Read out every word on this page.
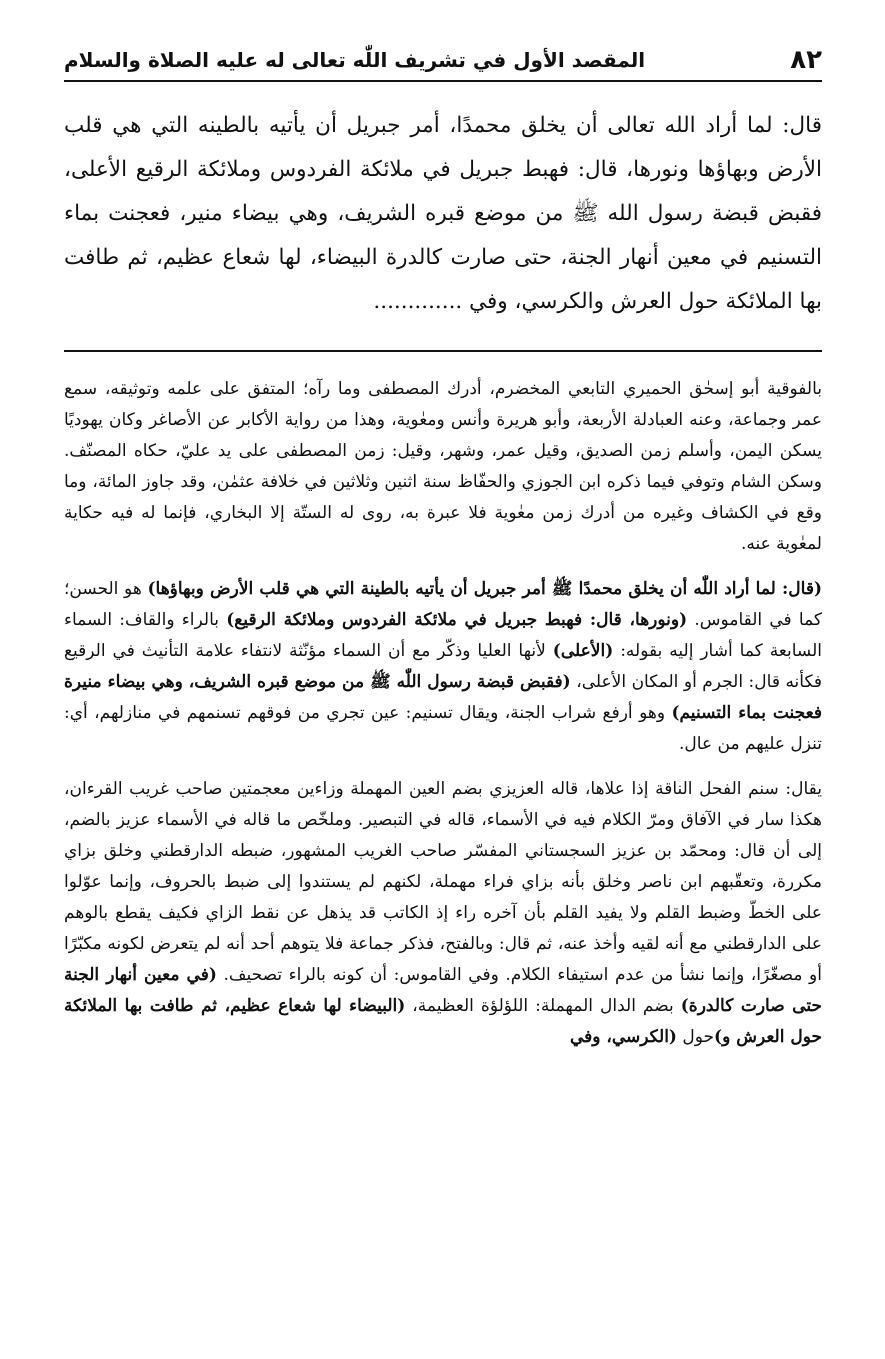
٨٢
المقصد الأول في تشريف اللّٰه تعالى له عليه الصلاة والسلام

قال: لما أراد الله تعالى أن يخلق محمدًا، أمر جبريل أن يأتيه بالطينه التي هي قلب الأرض وبهاؤها ونورها، قال: فهبط جبريل في ملائكة الفردوس وملائكة الرقيع الأعلى، فقبض قبضة رسول الله ﷺ من موضع قبره الشريف، وهي بيضاء منير، فعجنت بماء التسنيم في معين أنهار الجنة، حتى صارت كالدرة البيضاء، لها شعاع عظيم، ثم طافت بها الملائكة حول العرش والكرسي، وفي .............

بالفوقية أبو إسحٰق الحميري التابعي المخضرم، أدرك المصطفى وما رآه؛ المتفق على علمه وتوثيقه، سمع عمر وجماعة، وعنه العبادلة الأربعة، وأبو هريرة وأنس ومعٰوية، وهذا من رواية الأكابر عن الأصاغر وكان يهوديًا يسكن اليمن، وأسلم زمن الصديق، وقيل عمر، وشهر، وقيل: زمن المصطفى على يد عليّ، حكاه المصنّف. وسكن الشام وتوفي فيما ذكره ابن الجوزي والحفّاظ سنة اثنين وثلاثين في خلافة عثمٰن، وقد جاوز المائة، وما وقع في الكشاف وغيره من أدرك زمن معٰوية فلا عبرة به، روى له الستّة إلا البخاري، فإنما له فيه حكاية لمعٰوية عنه.

(قال: لما أراد اللّٰه أن يخلق محمدًا ﷺ أمر جبريل أن يأتيه بالطينة التي هي قلب الأرض وبهاؤها) هو الحسن؛ كما في القاموس. (ونورها، قال: فهبط جبريل في ملائكة الفردوس وملائكة الرقيع) بالراء والقاف: السماء السابعة كما أشار إليه بقوله: (الأعلى) لأنها العليا وذكّر مع أن السماء مؤنّثة لانتفاء علامة التأنيث في الرقيع فكأنه قال: الجرم أو المكان الأعلى، (فقبض قبضة رسول اللّٰه ﷺ من موضع قبره الشريف، وهي بيضاء منيرة فعجنت بماء التسنيم) وهو أرفع شراب الجنة، ويقال تسنيم: عين تجري من فوقهم تسنمهم في منازلهم، أي: تنزل عليهم من عال.

يقال: سنم الفحل الناقة إذا علاها، قاله العزيزي بضم العين المهملة وزاءين معجمتين صاحب غريب القرءان، هكذا سار في الآفاق ومرّ الكلام فيه في الأسماء، قاله في التبصير. وملخّص ما قاله في الأسماء عزيز بالضم، إلى أن قال: ومحمّد بن عزيز السجستاني المفسّر صاحب الغريب المشهور، ضبطه الدارقطني وخلق بزاي مكررة، وتعقّبهم ابن ناصر وخلق بأنه بزاي فراء مهملة، لكنهم لم يستندوا إلى ضبط بالحروف، وإنما عوّلوا على الخطّ وضبط القلم ولا يفيد القلم بأن آخره راء إذ الكاتب قد يذهل عن نقط الزاي فكيف يقطع بالوهم على الدارقطني مع أنه لقيه وأخذ عنه، ثم قال: وبالفتح، فذكر جماعة فلا يتوهم أحد أنه لم يتعرض لكونه مكبّرًا أو مصغّرًا، وإنما نشأ من عدم استيفاء الكلام. وفي القاموس: أن كونه بالراء تصحيف. (في معين أنهار الجنة حتى صارت كالدرة) بضم الدال المهملة: اللؤلؤة العظيمة، (البيضاء لها شعاع عظيم، ثم طافت بها الملائكة حول العرش و)حول (الكرسي، وفي
